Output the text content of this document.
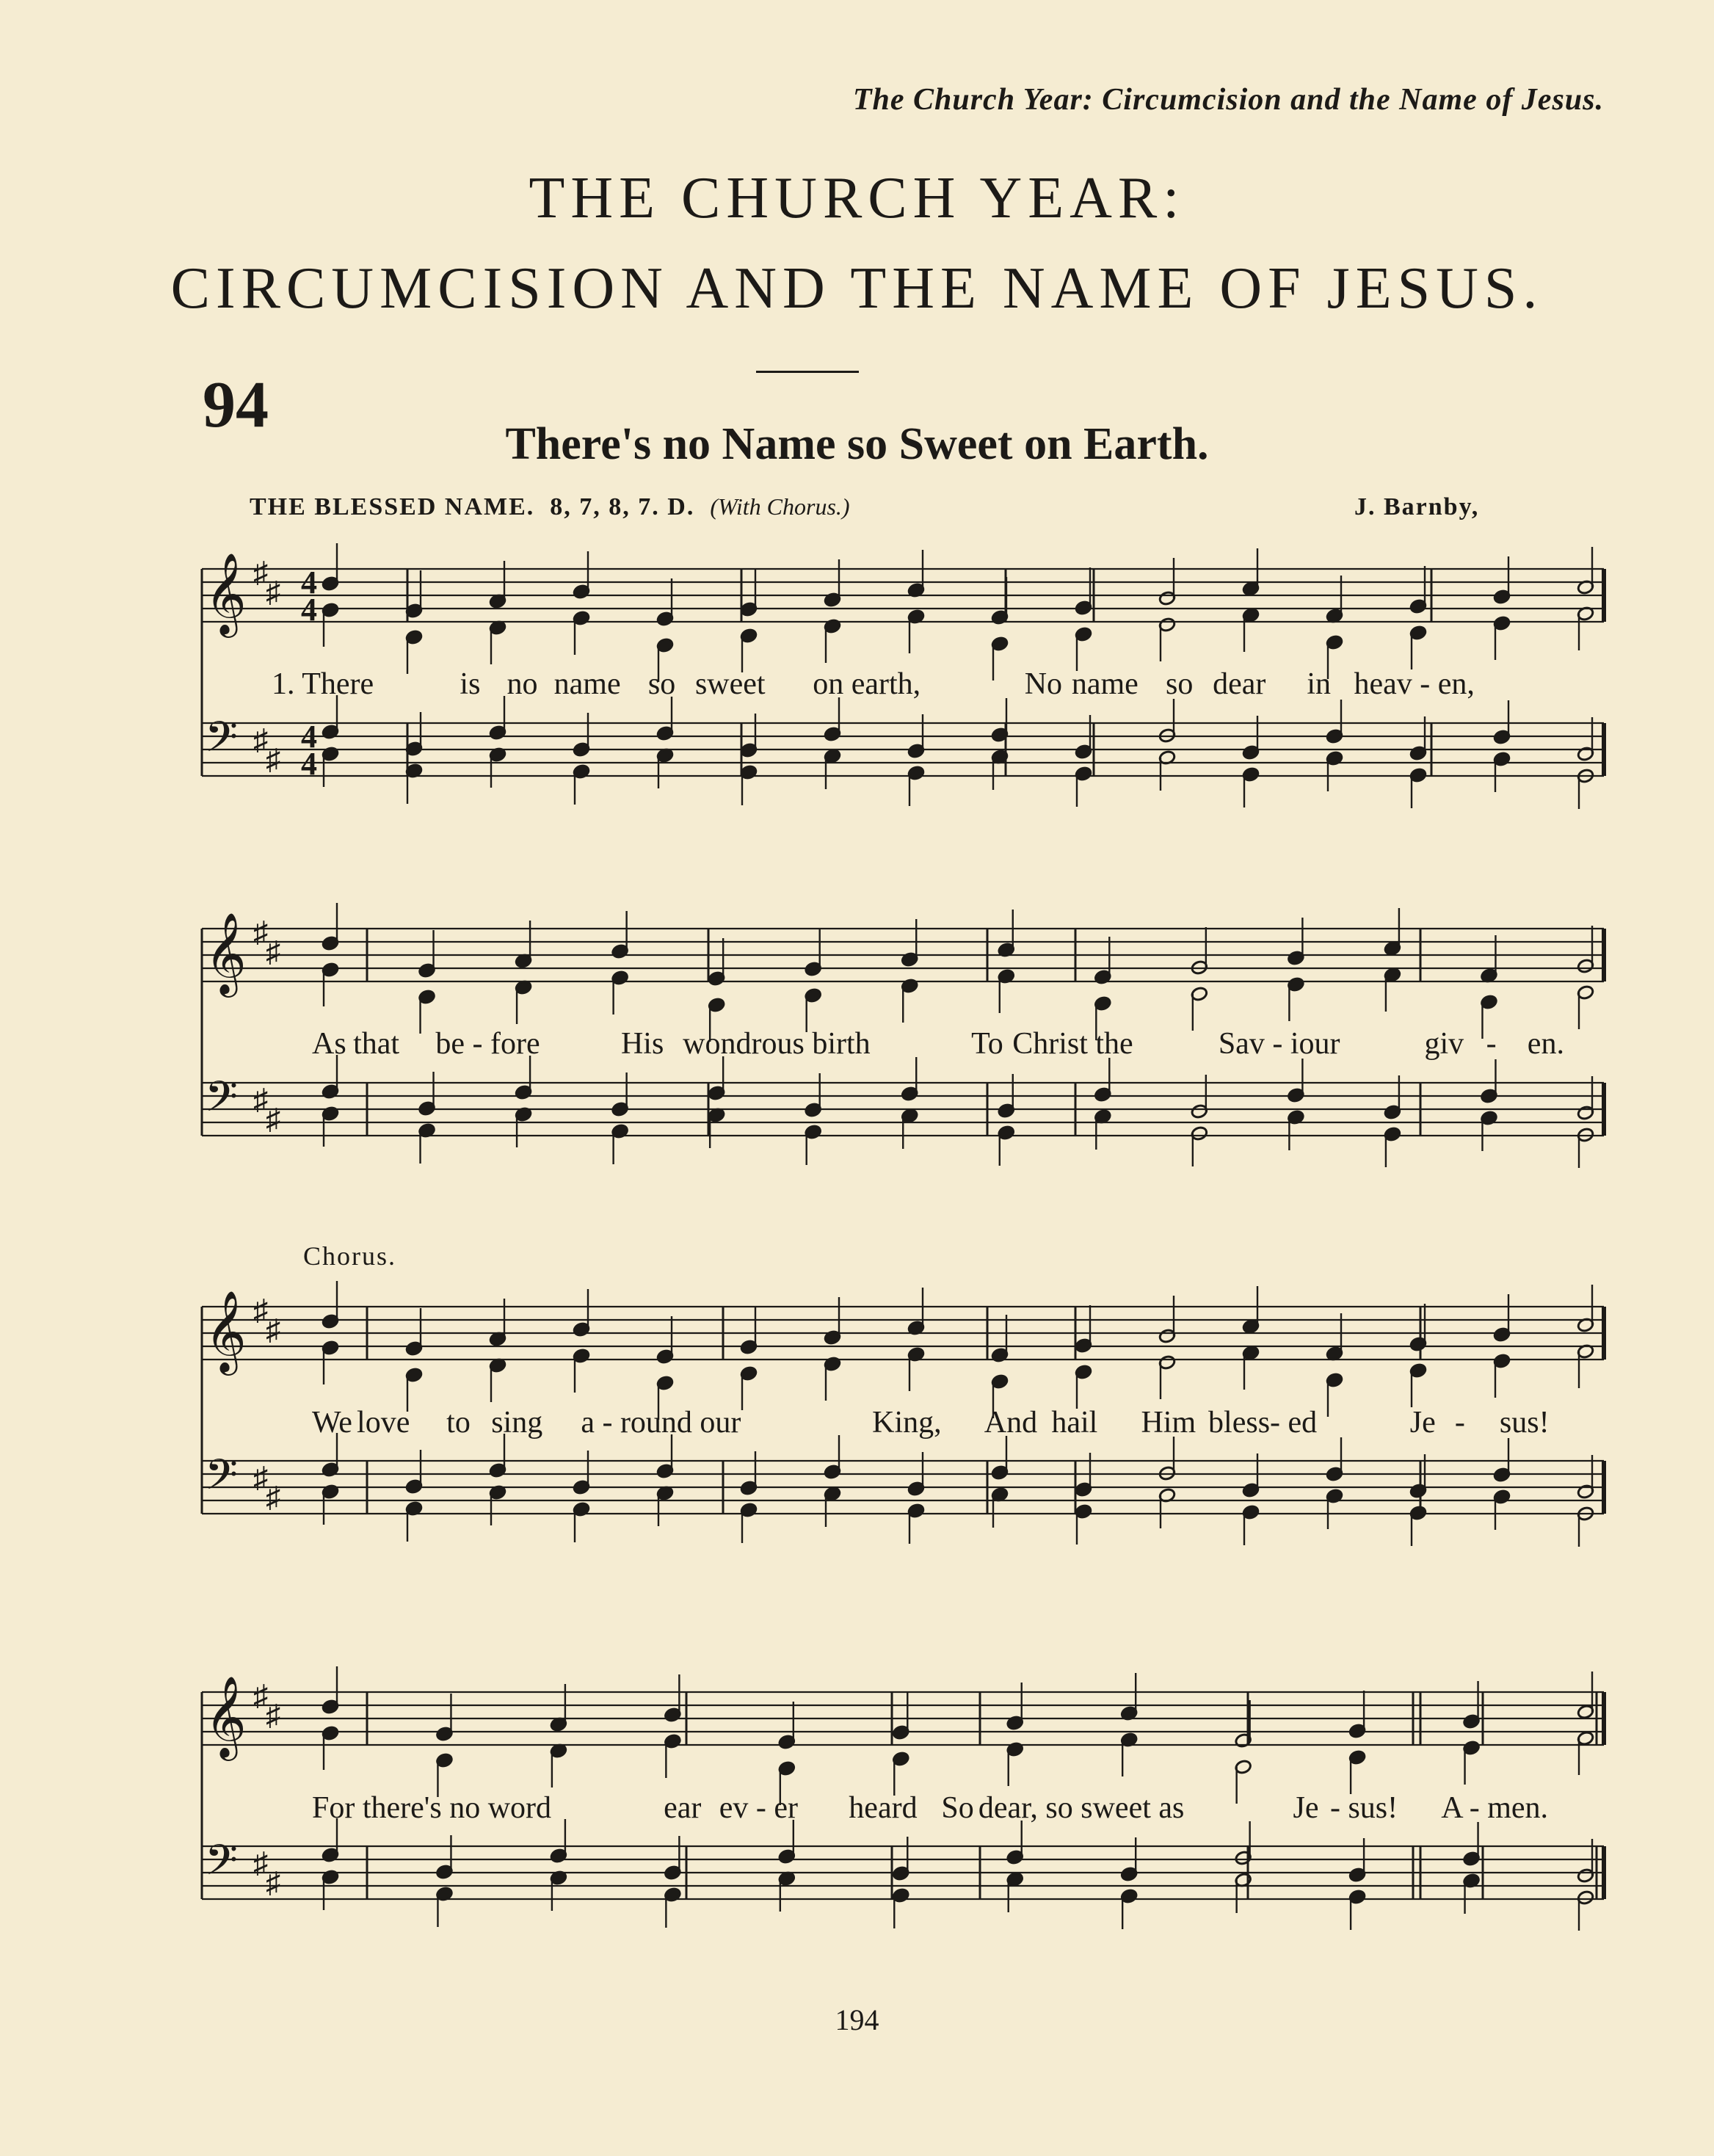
The Church Year: Circumcision and the Name of Jesus.
THE CHURCH YEAR:
CIRCUMCISION AND THE NAME OF JESUS.
94
There's no Name so Sweet on Earth.
THE BLESSED NAME. 8, 7, 8, 7. D. (With Chorus.)	J. Barnby,
Chorus.
𝄞
𝄢
♯
♯
♯
♯
4
4
4
4
𝄞
𝄢
♯
♯
♯
♯
𝄞
𝄢
♯
♯
♯
♯
𝄞
𝄢
♯
♯
♯
♯
1. There	is no name so sweet on earth,	No name so dear in heav - en,
As that be - fore	His wondrous birth	To Christ the	Sav - iour	giv - en.
We love to sing a - round our	King, And hail Him bless- ed	Je - sus!
For there's no word	ear ev - er heard So dear, so sweet as	Je - sus! A - men.
194
